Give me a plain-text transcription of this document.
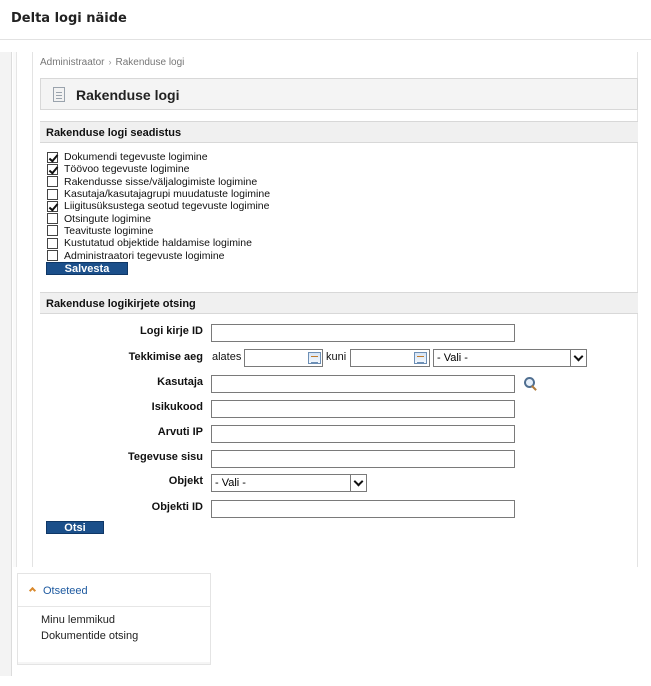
Delta logi näide
Administraator › Rakenduse logi
Rakenduse logi
Rakenduse logi seadistus
Dokumendi tegevuste logimine
Töövoo tegevuste logimine
Rakendusse sisse/väljalogimiste logimine
Kasutaja/kasutajagrupi muudatuste logimine
Liigitusüksustega seotud tegevuste logimine
Otsingute logimine
Teavituste logimine
Kustutatud objektide haldamise logimine
Administraatori tegevuste logimine
Salvesta
Rakenduse logikirjete otsing
Logi kirje ID
Tekkimise aeg alates	kuni	- Vali -
Kasutaja
Isikukood
Arvuti IP
Tegevuse sisu
Objekt	- Vali -
Objekti ID
Otsi
Otseteed
Minu lemmikud
Dokumentide otsing
